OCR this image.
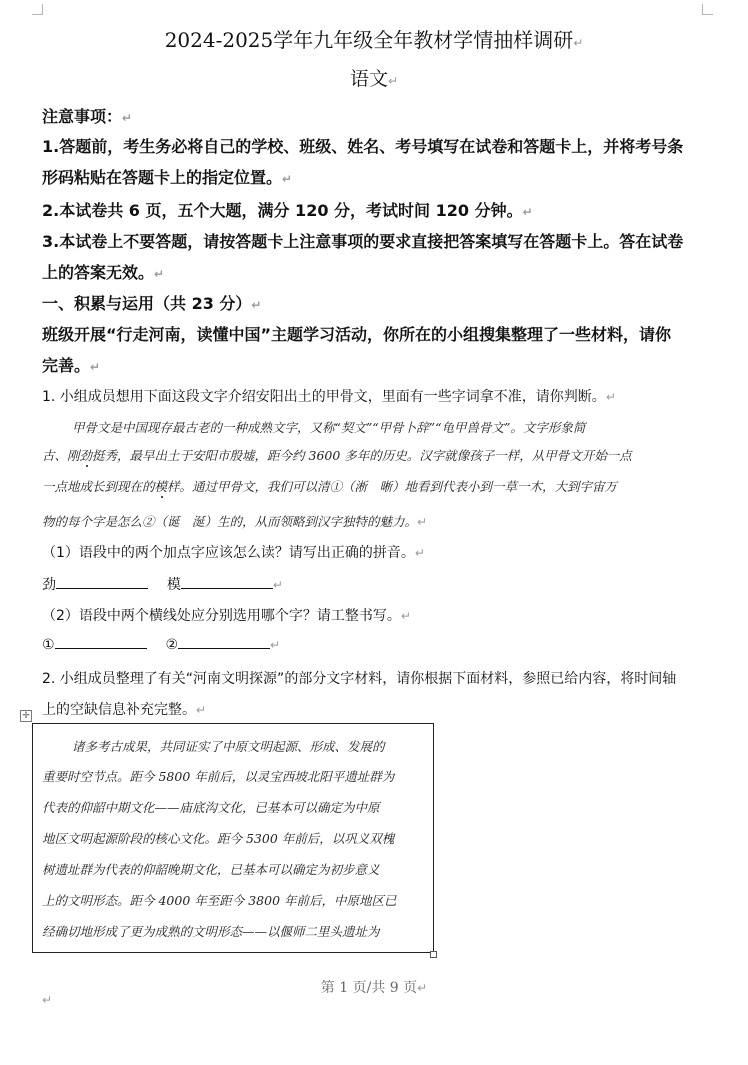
2024-2025学年九年级全年教材学情抽样调研↵
语文↵
注意事项：↵
1.答题前，考生务必将自己的学校、班级、姓名、考号填写在试卷和答题卡上，并将考号条
形码粘贴在答题卡上的指定位置。↵
2.本试卷共 6 页，五个大题，满分 120 分，考试时间 120 分钟。↵
3.本试卷上不要答题，请按答题卡上注意事项的要求直接把答案填写在答题卡上。答在试卷
上的答案无效。↵
一、积累与运用（共 23 分）↵
班级开展“行走河南，读懂中国”主题学习活动，你所在的小组搜集整理了一些材料，请你
完善。↵
1. 小组成员想用下面这段文字介绍安阳出土的甲骨文，里面有一些字词拿不准，请你判断。↵
甲骨文是中国现存最古老的一种成熟文字，又称“契文”“甲骨卜辞”“龟甲兽骨文”。文字形象简
古、刚劲挺秀，最早出土于安阳市殷墟，距今约 3600 多年的历史。汉字就像孩子一样，从甲骨文开始一点
一点地成长到现在的模样。通过甲骨文，我们可以清①（淅　晰）地看到代表小到一草一木，大到宇宙万
物的每个字是怎么②（诞　涎）生的，从而领略到汉字独特的魅力。↵
（1）语段中的两个加点字应该怎么读？请写出正确的拼音。↵
劲	模	↵
（2）语段中两个横线处应分别选用哪个字？请工整书写。↵
①	②	↵
2. 小组成员整理了有关“河南文明探源”的部分文字材料，请你根据下面材料，参照已给内容，将时间轴
上的空缺信息补充完整。↵
✛
诸多考古成果，共同证实了中原文明起源、形成、发展的
重要时空节点。距今 5800 年前后，以灵宝西坡北阳平遗址群为
代表的仰韶中期文化——庙底沟文化，已基本可以确定为中原
地区文明起源阶段的核心文化。距今 5300 年前后，以巩义双槐
树遗址群为代表的仰韶晚期文化，已基本可以确定为初步意义
上的文明形态。距今 4000 年至距今 3800 年前后，中原地区已
经确切地形成了更为成熟的文明形态——以偃师二里头遗址为
第 1 页/共 9 页↵
↵
